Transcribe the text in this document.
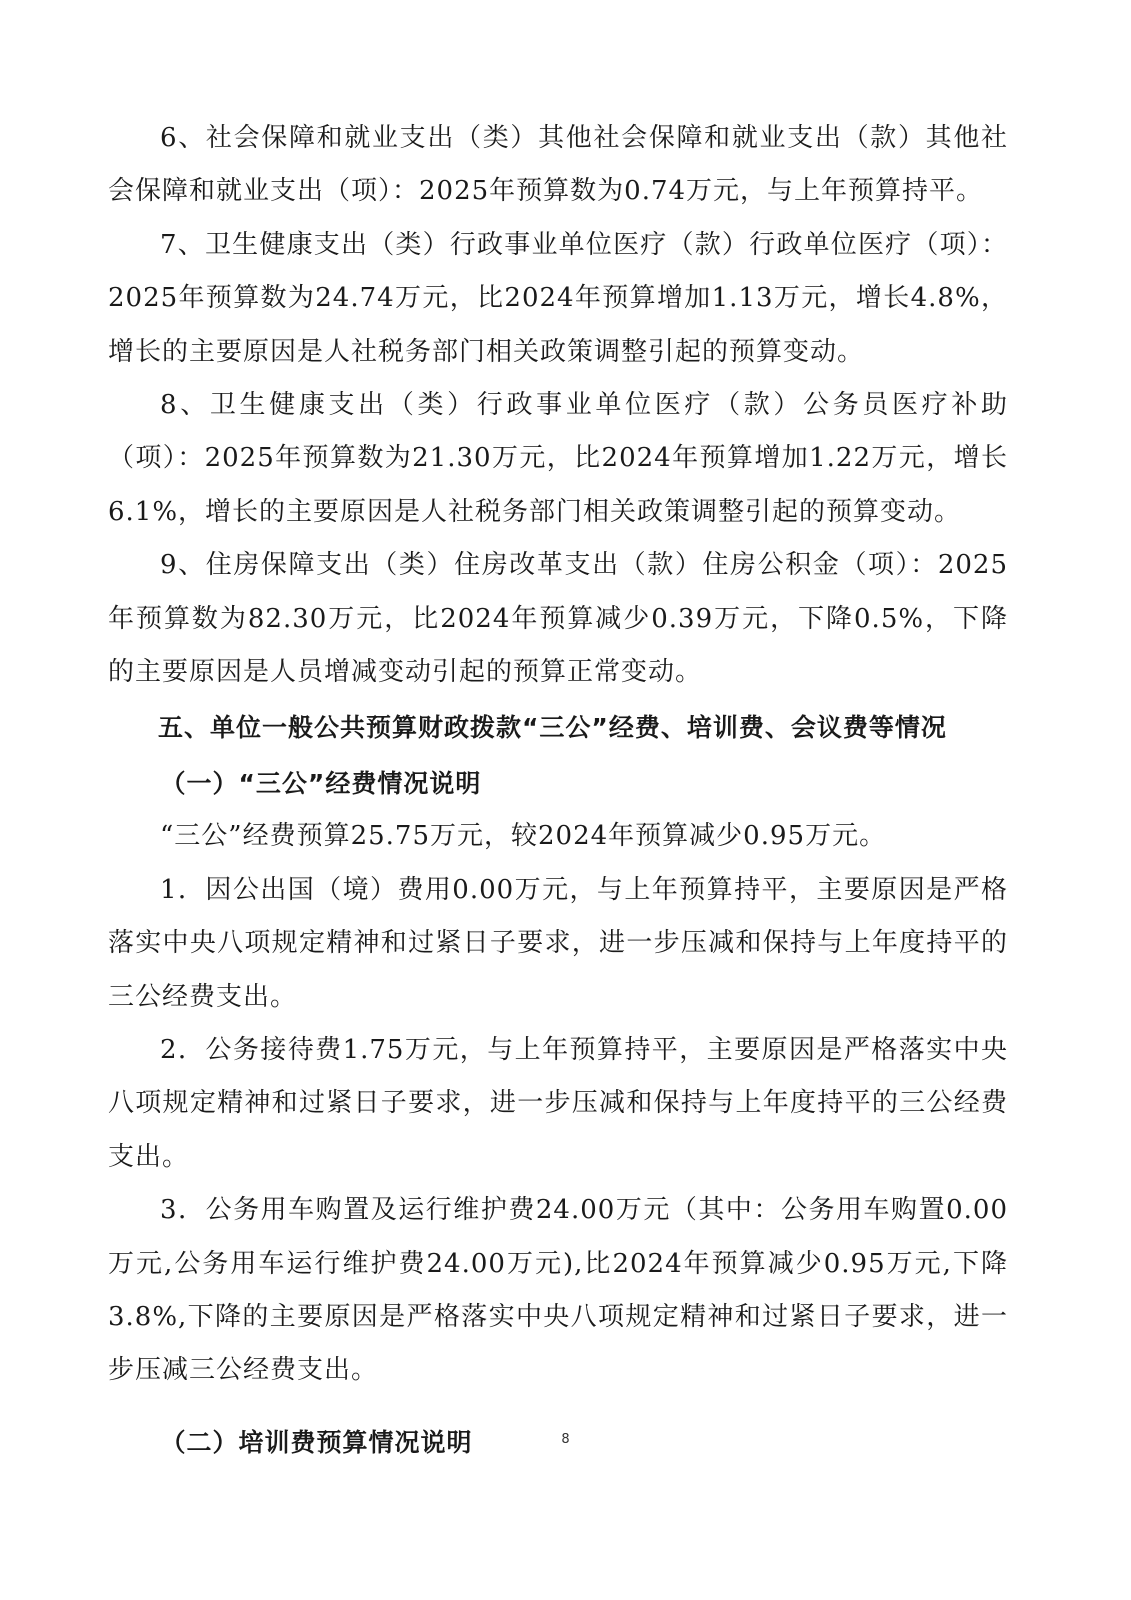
6、社会保障和就业支出（类）其他社会保障和就业支出（款）其他社会保障和就业支出（项）：2025年预算数为0.74万元，与上年预算持平。

7、卫生健康支出（类）行政事业单位医疗（款）行政单位医疗（项）：2025年预算数为24.74万元，比2024年预算增加1.13万元，增长4.8%，增长的主要原因是人社税务部门相关政策调整引起的预算变动。

8、卫生健康支出（类）行政事业单位医疗（款）公务员医疗补助（项）：2025年预算数为21.30万元，比2024年预算增加1.22万元，增长6.1%，增长的主要原因是人社税务部门相关政策调整引起的预算变动。

9、住房保障支出（类）住房改革支出（款）住房公积金（项）：2025年预算数为82.30万元，比2024年预算减少0.39万元，下降0.5%，下降的主要原因是人员增减变动引起的预算正常变动。

五、单位一般公共预算财政拨款“三公”经费、培训费、会议费等情况

（一）“三公”经费情况说明

“三公”经费预算25.75万元，较2024年预算减少0.95万元。

1．因公出国（境）费用0.00万元，与上年预算持平，主要原因是严格落实中央八项规定精神和过紧日子要求，进一步压减和保持与上年度持平的三公经费支出。

2．公务接待费1.75万元，与上年预算持平，主要原因是严格落实中央八项规定精神和过紧日子要求，进一步压减和保持与上年度持平的三公经费支出。

3．公务用车购置及运行维护费24.00万元（其中：公务用车购置0.00万元,公务用车运行维护费24.00万元),比2024年预算减少0.95万元,下降3.8%,下降的主要原因是严格落实中央八项规定精神和过紧日子要求，进一步压减三公经费支出。

（二）培训费预算情况说明	8
